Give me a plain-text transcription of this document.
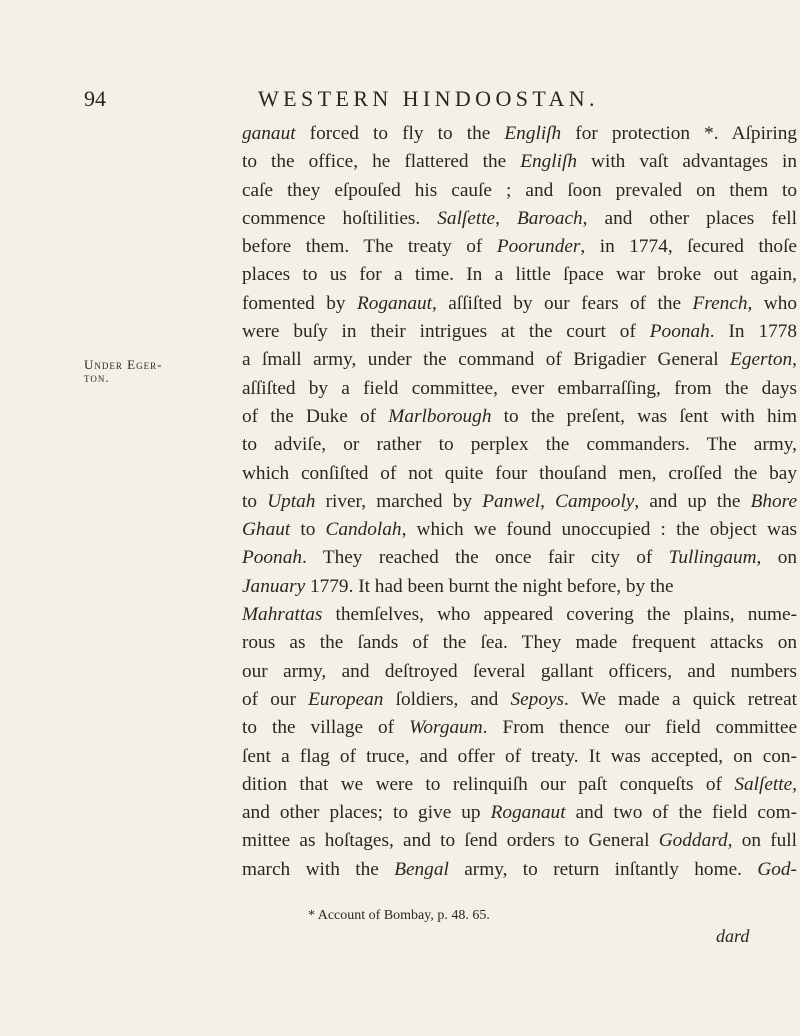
94	WESTERN HINDOOSTAN.
Under Eger-
ton.
ganaut forced to fly to the Engliſh for protection *. Aſpiring
to the office, he flattered the Engliſh with vaſt advantages in
caſe they eſpouſed his cauſe ; and ſoon prevaled on them to
commence hoſtilities. Salſette, Baroach, and other places fell
before them. The treaty of Poorunder, in 1774, ſecured thoſe
places to us for a time. In a little ſpace war broke out again,
fomented by Roganaut, aſſiſted by our fears of the French, who
were buſy in their intrigues at the court of Poonah. In 1778
a ſmall army, under the command of Brigadier General Egerton,
aſſiſted by a field committee, ever embarraſſing, from the days
of the Duke of Marlborough to the preſent, was ſent with him
to adviſe, or rather to perplex the commanders. The army,
which conſiſted of not quite four thouſand men, croſſed the bay
to Uptah river, marched by Panwel, Campooly, and up the Bhore
Ghaut to Candolah, which we found unoccupied : the object was
Poonah. They reached the once fair city of Tullingaum, on
January 1779. It had been burnt the night before, by the
Mahrattas themſelves, who appeared covering the plains, nume-
rous as the ſands of the ſea. They made frequent attacks on
our army, and deſtroyed ſeveral gallant officers, and numbers
of our European ſoldiers, and Sepoys. We made a quick retreat
to the village of Worgaum. From thence our field committee
ſent a flag of truce, and offer of treaty. It was accepted, on con-
dition that we were to relinquiſh our paſt conqueſts of Salſette,
and other places; to give up Roganaut and two of the field com-
mittee as hoſtages, and to ſend orders to General Goddard, on full
march with the Bengal army, to return inſtantly home. God-
* Account of Bombay, p. 48. 65.
dard
